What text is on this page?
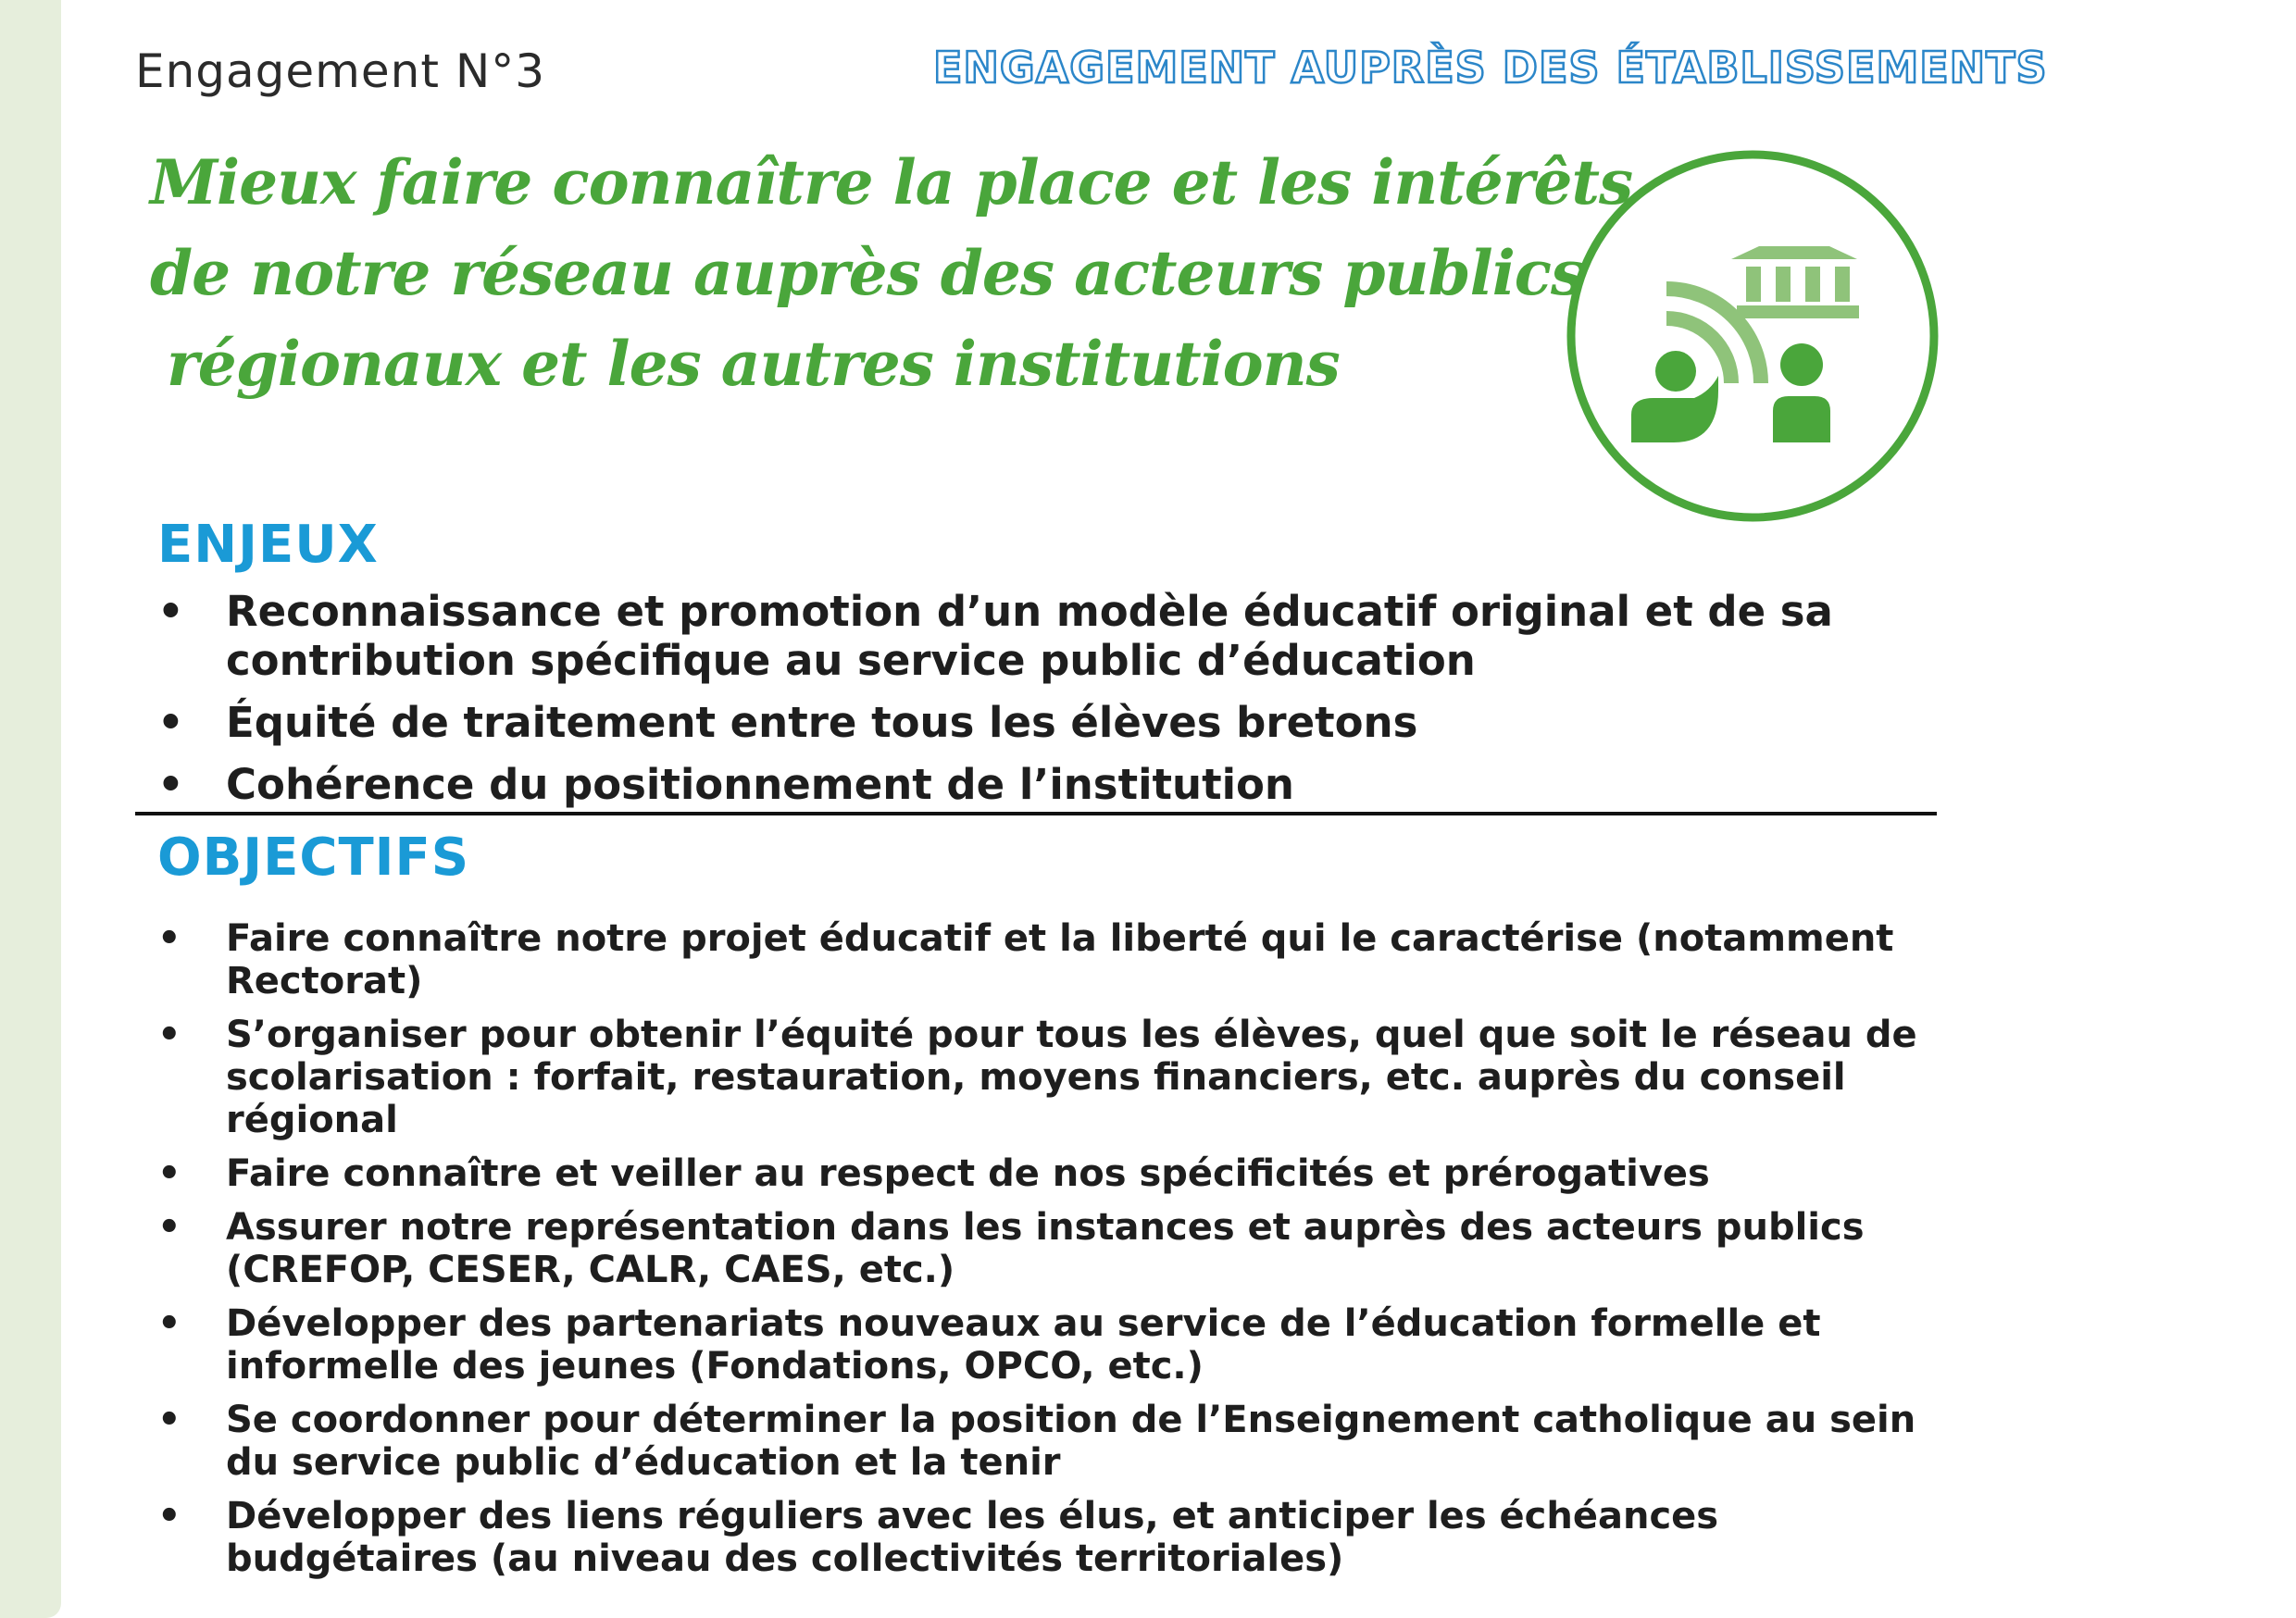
Engagement N°3	ENGAGEMENT AUPRÈS DES ÉTABLISSEMENTS
Mieux faire connaître la place et les intérêts
de notre réseau auprès des acteurs publics
régionaux et les autres institutions
ENJEUX
• Reconnaissance et promotion d’un modèle éducatif original et de sa contribution spécifique au service public d’éducation
• Équité de traitement entre tous les élèves bretons
• Cohérence du positionnement de l’institution
OBJECTIFS
• Faire connaître notre projet éducatif et la liberté qui le caractérise (notamment Rectorat)
• S’organiser pour obtenir l’équité pour tous les élèves, quel que soit le réseau de scolarisation : forfait, restauration, moyens financiers, etc. auprès du conseil régional
• Faire connaître et veiller au respect de nos spécificités et prérogatives
• Assurer notre représentation dans les instances et auprès des acteurs publics (CREFOP, CESER, CALR, CAES, etc.)
• Développer des partenariats nouveaux au service de l’éducation formelle et informelle des jeunes (Fondations, OPCO, etc.)
• Se coordonner pour déterminer la position de l’Enseignement catholique au sein du service public d’éducation et la tenir
• Développer des liens réguliers avec les élus, et anticiper les échéances budgétaires (au niveau des collectivités territoriales)
